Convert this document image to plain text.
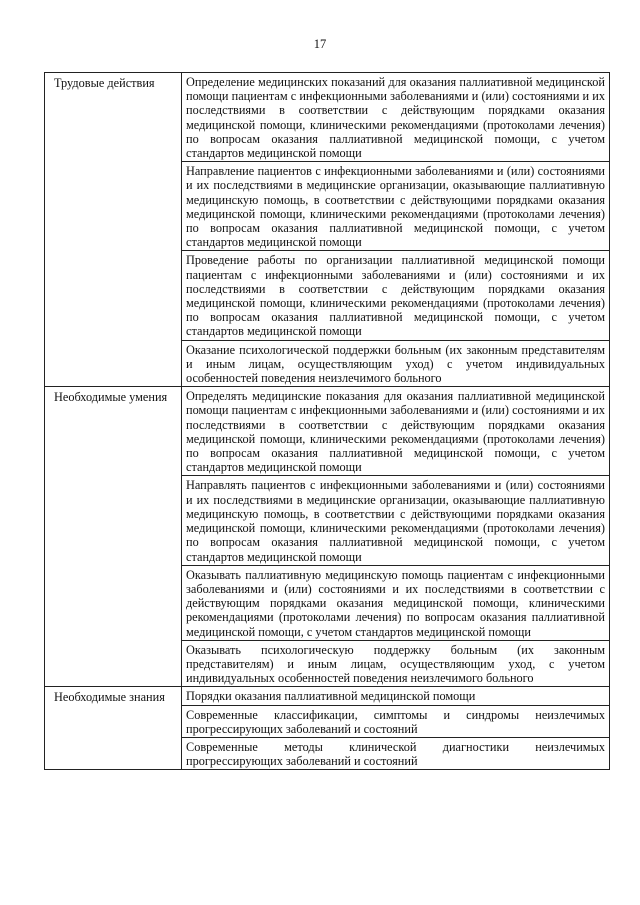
17
Трудовые действия	Определение медицинских показаний для оказания паллиативной медицинской помощи пациентам с инфекционными заболеваниями и (или) состояниями и их последствиями в соответствии с действующим порядками оказания медицинской помощи, клиническими рекомендациями (протоколами лечения) по вопросам оказания паллиативной медицинской помощи, с учетом стандартов медицинской помощи

	Направление пациентов с инфекционными заболеваниями и (или) состояниями и их последствиями в медицинские организации, оказывающие паллиативную медицинскую помощь, в соответствии с действующими порядками оказания медицинской помощи, клиническими рекомендациями (протоколами лечения) по вопросам оказания паллиативной медицинской помощи, с учетом стандартов медицинской помощи

	Проведение работы по организации паллиативной медицинской помощи пациентам с инфекционными заболеваниями и (или) состояниями и их последствиями в соответствии с действующим порядками оказания медицинской помощи, клиническими рекомендациями (протоколами лечения) по вопросам оказания паллиативной медицинской помощи, с учетом стандартов медицинской помощи

	Оказание психологической поддержки больным (их законным представителям и иным лицам, осуществляющим уход) с учетом индивидуальных особенностей поведения неизлечимого больного

Необходимые умения	Определять медицинские показания для оказания паллиативной медицинской помощи пациентам с инфекционными заболеваниями и (или) состояниями и их последствиями в соответствии с действующим порядками оказания медицинской помощи, клиническими рекомендациями (протоколами лечения) по вопросам оказания паллиативной медицинской помощи, с учетом стандартов медицинской помощи

	Направлять пациентов с инфекционными заболеваниями и (или) состояниями и их последствиями в медицинские организации, оказывающие паллиативную медицинскую помощь, в соответствии с действующими порядками оказания медицинской помощи, клиническими рекомендациями (протоколами лечения) по вопросам оказания паллиативной медицинской помощи, с учетом стандартов медицинской помощи

	Оказывать паллиативную медицинскую помощь пациентам с инфекционными заболеваниями и (или) состояниями и их последствиями в соответствии с действующим порядками оказания медицинской помощи, клиническими рекомендациями (протоколами лечения) по вопросам оказания паллиативной медицинской помощи, с учетом стандартов медицинской помощи

	Оказывать психологическую поддержку больным (их законным представителям) и иным лицам, осуществляющим уход, с учетом индивидуальных особенностей поведения неизлечимого больного

Необходимые знания	Порядки оказания паллиативной медицинской помощи

	Современные классификации, симптомы и синдромы неизлечимых прогрессирующих заболеваний и состояний

	Современные методы клинической диагностики неизлечимых прогрессирующих заболеваний и состояний
